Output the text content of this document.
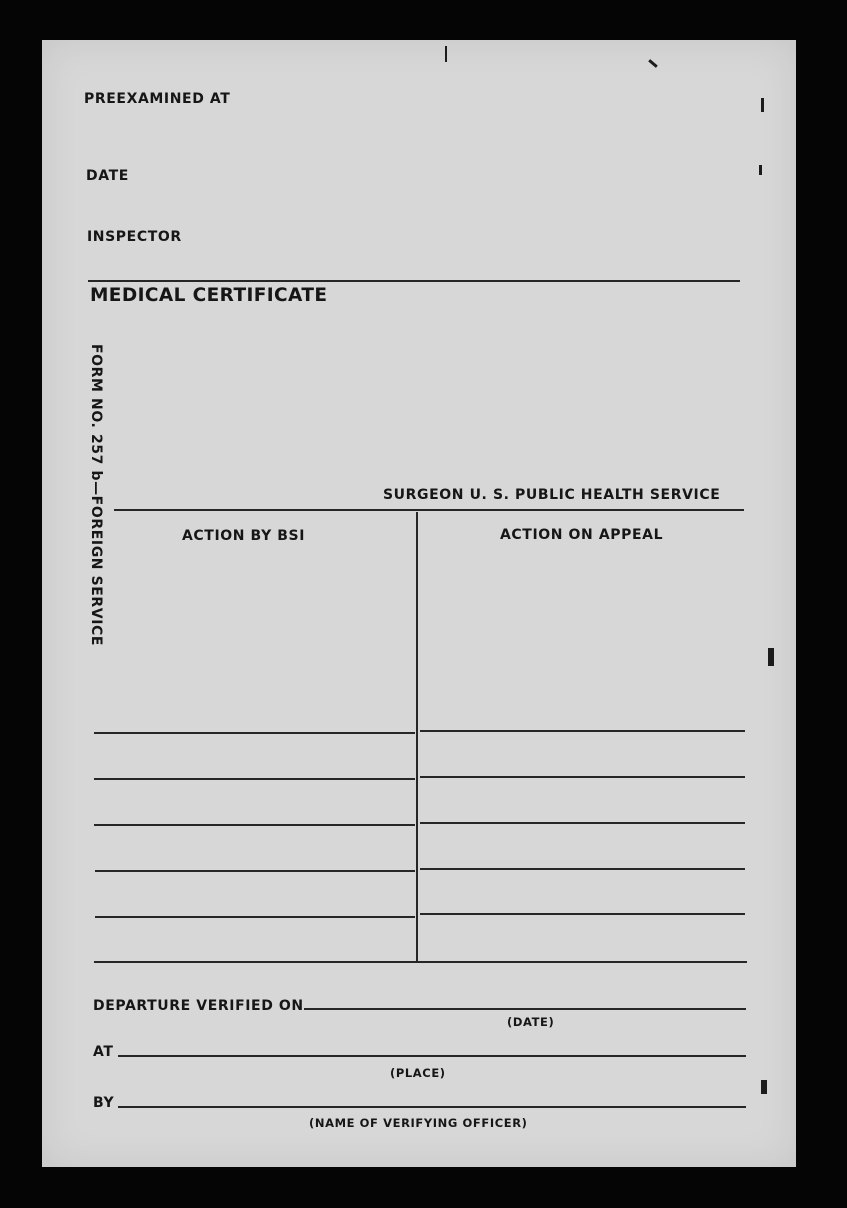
PREEXAMINED AT
DATE
INSPECTOR
MEDICAL CERTIFICATE
FORM NO. 257 b—FOREIGN SERVICE	SURGEON U. S. PUBLIC HEALTH SERVICE
ACTION BY BSI	ACTION ON APPEAL
DEPARTURE VERIFIED ON
(DATE)
AT
(PLACE)
BY
(NAME OF VERIFYING OFFICER)
